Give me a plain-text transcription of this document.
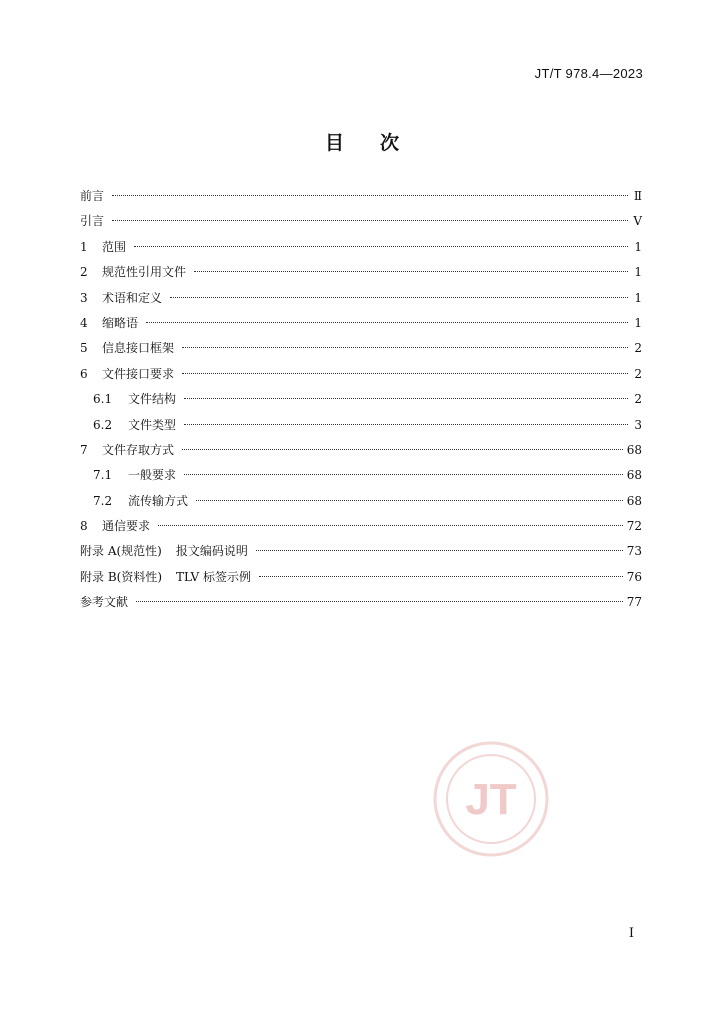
JT/T 978.4—2023
目 次
前言	Ⅱ
引言	Ⅴ
1	范围	1
2	规范性引用文件	1
3	术语和定义	1
4	缩略语	1
5	信息接口框架	2
6	文件接口要求	2
6.1	文件结构	2
6.2	文件类型	3
7	文件存取方式	68
7.1	一般要求	68
7.2	流传输方式	68
8	通信要求	72
附录 A(规范性)	报文编码说明	73
附录 B(资料性)	TLV 标签示例	76
参考文献	77
JT
I
